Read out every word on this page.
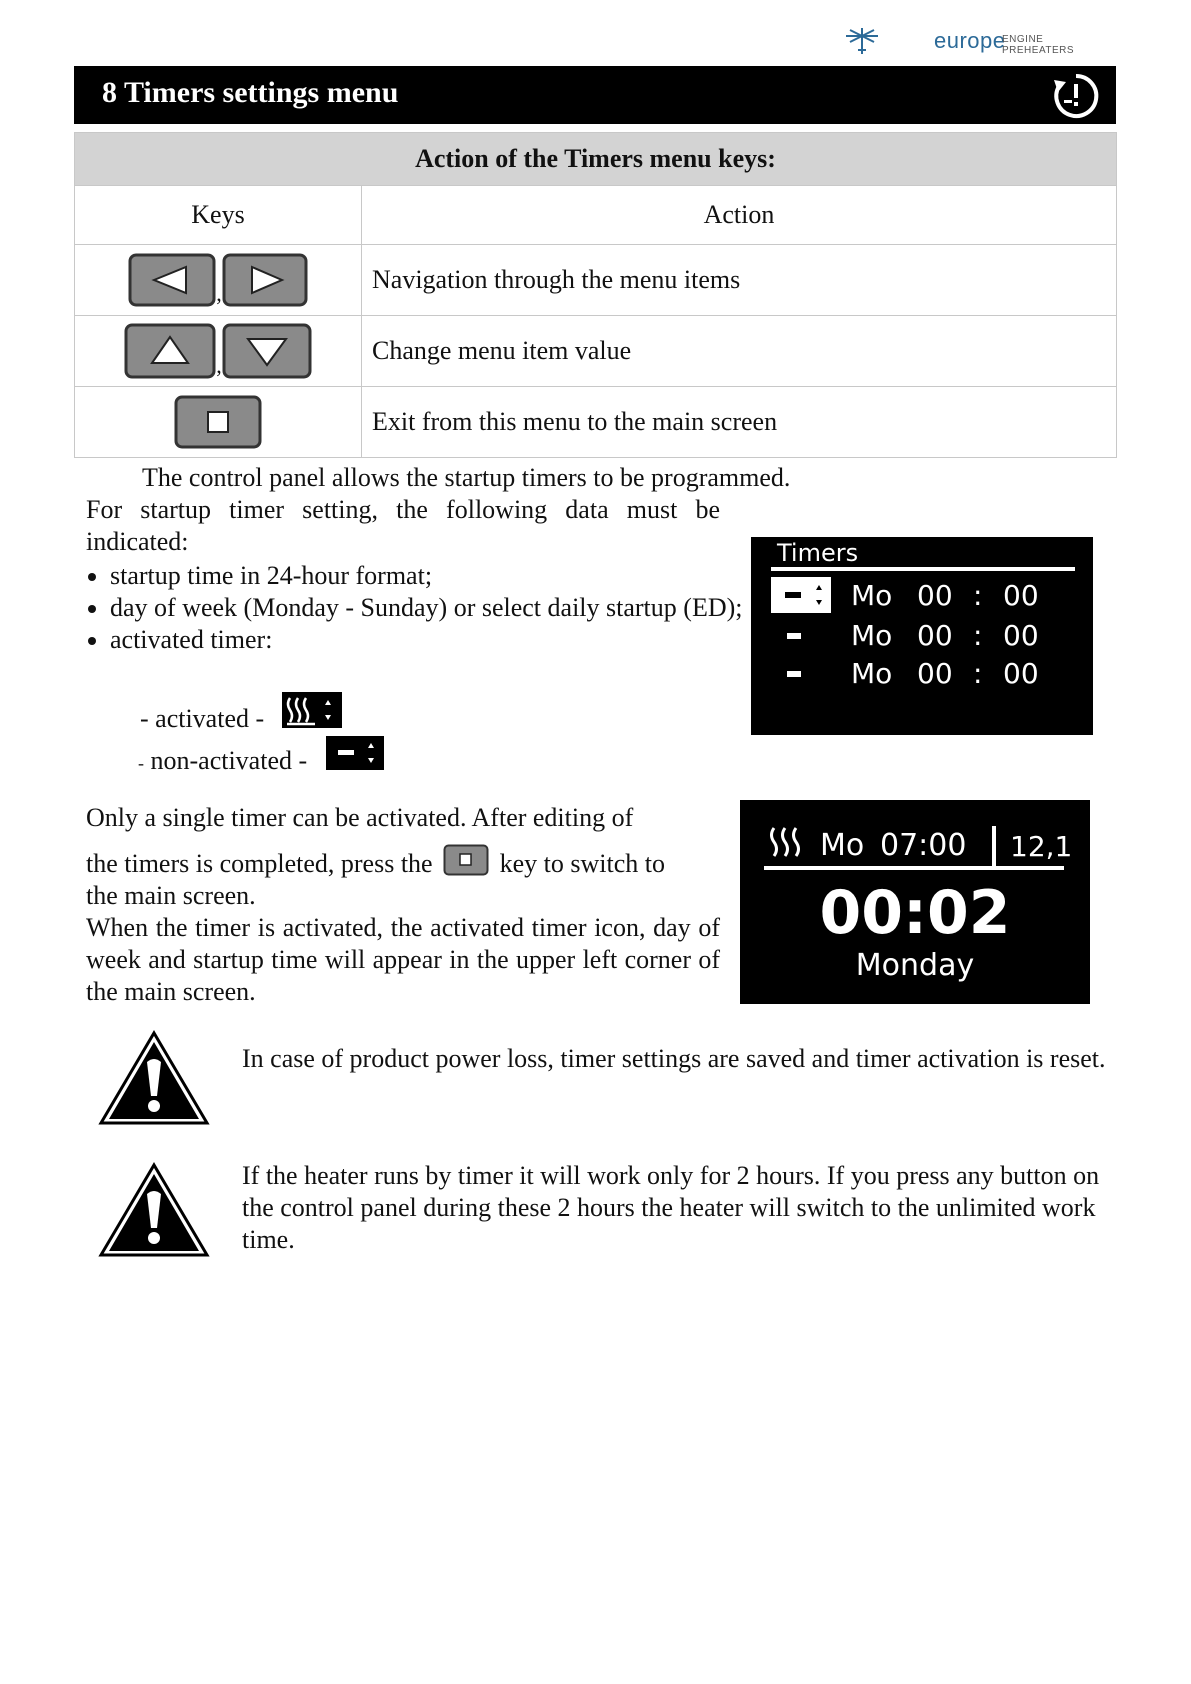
europe
ENGINE PREHEATERS
8 Timers settings menu
Action of the Timers menu keys:	
Keys	Action
,	Navigation through the menu items
,	Change menu item value
	Exit from this menu to the main screen
The control panel allows the startup timers to be programmed.
For startup timer setting, the following data must be indicated:
• startup time in 24-hour format;
• day of week (Monday - Sunday) or select daily startup (ED);
• activated timer:
- activated -
- non-activated -
Timers
Mo 00 : 00
Mo 00 : 00
Mo 00 : 00
Only a single timer can be activated. After editing of
the timers is completed, press the	key to switch to
the main screen.
When the timer is activated, the activated timer icon, day of week and startup time will appear in the upper left corner of the main screen.
Mo 07:00 12,1
00:02
Monday
In case of product power loss, timer settings are saved and timer activation is reset.
If the heater runs by timer it will work only for 2 hours. If you press any button on the control panel during these 2 hours the heater will switch to the unlimited work time.
